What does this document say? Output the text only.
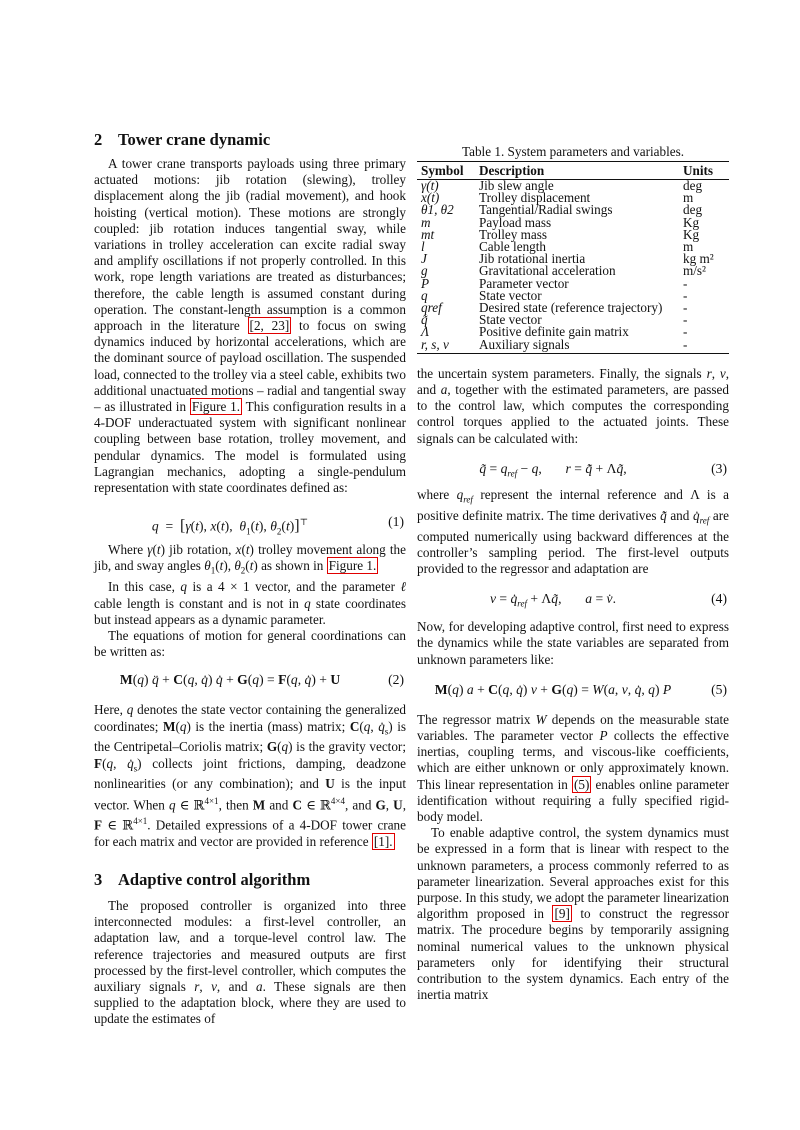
2 Tower crane dynamic

A tower crane transports payloads using three primary actuated motions: jib rotation (slewing), trolley displacement along the jib (radial movement), and hook hoisting (vertical motion). These motions are strongly coupled: jib rotation induces tangential sway, while variations in trolley acceleration can excite radial sway and amplify oscillations if not properly controlled. In this work, rope length variations are treated as disturbances; therefore, the cable length is assumed constant during operation. The constant-length assumption is a common approach in the literature [2, 23] to focus on swing dynamics induced by horizontal accelerations, which are the dominant source of payload oscillation. The suspended load, connected to the trolley via a steel cable, exhibits two additional unactuated motions – radial and tangential sway – as illustrated in Figure 1. This configuration results in a 4-DOF underactuated system with significant nonlinear coupling between base rotation, trolley movement, and pendular dynamics. The model is formulated using Lagrangian mechanics, adopting a single-pendulum representation with state coordinates defined as:

q  =  [γ(t), x(t),  $\theta_1(t)$, $\theta_2(t)]^⊤$	(1)

Where γ(t) jib rotation, x(t) trolley movement along the jib, and sway angles $\theta_1(t)$, $\theta_2(t)$ as shown in Figure 1.

In this case, q is a 4 × 1 vector, and the parameter ℓ cable length is constant and is not in q state coordinates but instead appears as a dynamic parameter.

The equations of motion for general coordinations can be written as:

M(q) q̈ + C(q, q̇) q̇ + G(q) = F(q, q̇) + U	(2)

Here, q denotes the state vector containing the generalized coordinates; M(q) is the inertia (mass) matrix; C(q, $q̇_s$) is the Centripetal–Coriolis matrix; G(q) is the gravity vector; F(q, $q̇_s$) collects joint frictions, damping, deadzone nonlinearities (or any combination); and U is the input vector. When q ∈ ℝ$^{4\times 1}$, then M and C ∈ ℝ$^{4\times 4}$, and G, U, F ∈ ℝ$^{4\times 1}$. Detailed expressions of a 4-DOF tower crane for each matrix and vector are provided in reference [1].

3 Adaptive control algorithm

The proposed controller is organized into three interconnected modules: a first-level controller, an adaptation law, and a torque-level control law. The reference trajectories and measured outputs are first processed by the first-level controller, which computes the auxiliary signals r, v, and a. These signals are then supplied to the adaptation block, where they are used to update the estimates of

Table 1. System parameters and variables.
Symbol	Description	Units
γ(t)	Jib slew angle	deg
x(t)	Trolley displacement	m
θ1, θ2	Tangential/Radial swings	deg
m	Payload mass	Kg
mt	Trolley mass	Kg
l	Cable length	m
J	Jib rotational inertia	kg m²
g	Gravitational acceleration	m/s²
P	Parameter vector	-
q	State vector	-
qref	Desired state (reference trajectory)	-
q̃	State vector	-
Λ	Positive definite gain matrix	-
r, s, v	Auxiliary signals	-

the uncertain system parameters. Finally, the signals r, v, and a, together with the estimated parameters, are passed to the control law, which computes the corresponding control torques applied to the actuated joints. These signals can be calculated with:

q̃ = $q_{ref} - q$,       r = q̃̇ + Λq̃,	(3)

where $q_{ref}$ represent the internal reference and Λ is a positive definite matrix. The time derivatives q̃̇ and $q̇_{ref}$ are computed numerically using backward differences at the controller’s sampling period. The first-level outputs provided to the regressor and adaptation are

$v = q̇_{ref}$ + Λq̃,       a = v̇.	(4)

Now, for developing adaptive control, first need to express the dynamics while the state variables are separated from unknown parameters like:

M(q) a + C(q, q̇) v + G(q) = W(a, v, q̇, q) P	(5)

The regressor matrix W depends on the measurable state variables. The parameter vector P collects the effective inertias, coupling terms, and viscous-like coefficients, which are either unknown or only approximately known. This linear representation in (5) enables online parameter identification without requiring a fully specified rigid-body model.

To enable adaptive control, the system dynamics must be expressed in a form that is linear with respect to the unknown parameters, a process commonly referred to as parameter linearization. Several approaches exist for this purpose. In this study, we adopt the parameter linearization algorithm proposed in [9] to construct the regressor matrix. The procedure begins by temporarily assigning nominal numerical values to the unknown physical parameters only for identifying their structural contribution to the system dynamics. Each entry of the inertia matrix
